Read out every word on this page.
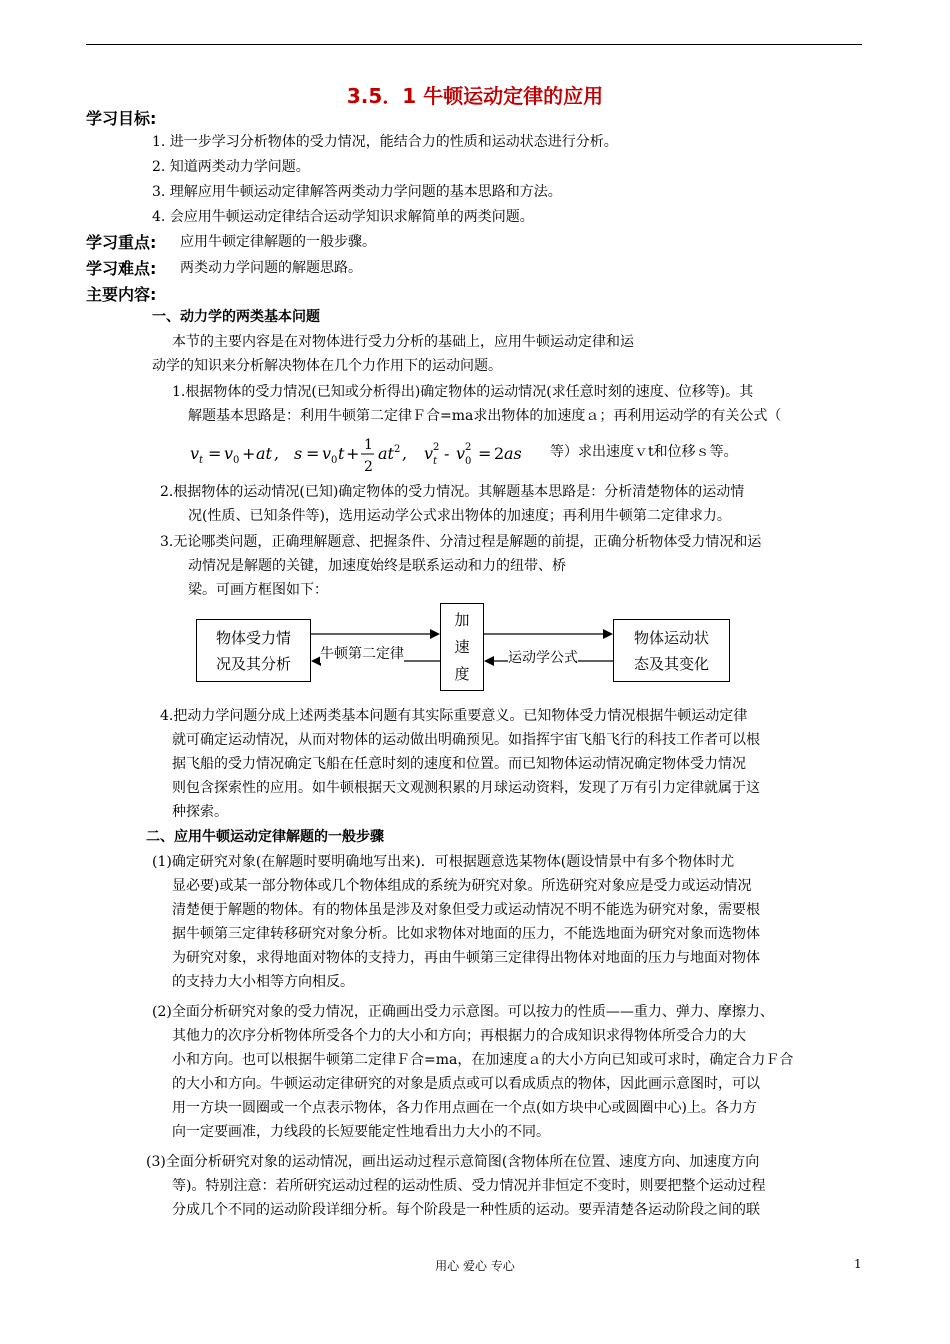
3.5．1 牛顿运动定律的应用
学习目标:
1. 进一步学习分析物体的受力情况，能结合力的性质和运动状态进行分析。
2. 知道两类动力学问题。
3. 理解应用牛顿运动定律解答两类动力学问题的基本思路和方法。
4. 会应用牛顿运动定律结合运动学知识求解简单的两类问题。
学习重点: 应用牛顿定律解题的一般步骤。
学习难点: 两类动力学问题的解题思路。
主要内容:
一、动力学的两类基本问题
本节的主要内容是在对物体进行受力分析的基础上，应用牛顿运动定律和运
动学的知识来分析解决物体在几个力作用下的运动问题。
1.根据物体的受力情况(已知或分析得出)确定物体的运动情况(求任意时刻的速度、位移等)。其
解题基本思路是：利用牛顿第二定律Ｆ合=ma求出物体的加速度ａ；再利用运动学的有关公式（
v t = v 0 + at , s = v 0 t + 1
2
at 2 , v 2
t - v 2
0 = 2 as 等）求出速度ｖt和位移ｓ等。
2.根据物体的运动情况(已知)确定物体的受力情况。其解题基本思路是：分析清楚物体的运动情
况(性质、已知条件等)，选用运动学公式求出物体的加速度；再利用牛顿第二定律求力。
3.无论哪类问题，正确理解题意、把握条件、分清过程是解题的前提，正确分析物体受力情况和运
动情况是解题的关键，加速度始终是联系运动和力的纽带、桥
梁。可画方框图如下：
物体受力情
况及其分析
加
速
度
物体运动状
态及其变化
牛顿第二定律	运动学公式
4.把动力学问题分成上述两类基本问题有其实际重要意义。已知物体受力情况根据牛顿运动定律
就可确定运动情况，从而对物体的运动做出明确预见。如指挥宇宙飞船飞行的科技工作者可以根
据飞船的受力情况确定飞船在任意时刻的速度和位置。而已知物体运动情况确定物体受力情况
则包含探索性的应用。如牛顿根据天文观测积累的月球运动资料，发现了万有引力定律就属于这
种探索。
二、应用牛顿运动定律解题的一般步骤
(1)确定研究对象(在解题时要明确地写出来)．可根据题意选某物体(题设情景中有多个物体时尤
显必要)或某一部分物体或几个物体组成的系统为研究对象。所选研究对象应是受力或运动情况
清楚便于解题的物体。有的物体虽是涉及对象但受力或运动情况不明不能选为研究对象，需要根
据牛顿第三定律转移研究对象分析。比如求物体对地面的压力，不能选地面为研究对象而选物体
为研究对象，求得地面对物体的支持力，再由牛顿第三定律得出物体对地面的压力与地面对物体
的支持力大小相等方向相反。
(2)全面分析研究对象的受力情况，正确画出受力示意图。可以按力的性质——重力、弹力、摩擦力、
其他力的次序分析物体所受各个力的大小和方向；再根据力的合成知识求得物体所受合力的大
小和方向。也可以根据牛顿第二定律Ｆ合=ma，在加速度ａ的大小方向已知或可求时，确定合力Ｆ合
的大小和方向。牛顿运动定律研究的对象是质点或可以看成质点的物体，因此画示意图时，可以
用一方块一圆圈或一个点表示物体，各力作用点画在一个点(如方块中心或圆圈中心)上。各力方
向一定要画准，力线段的长短要能定性地看出力大小的不同。
(3)全面分析研究对象的运动情况，画出运动过程示意简图(含物体所在位置、速度方向、加速度方向
等)。特别注意：若所研究运动过程的运动性质、受力情况并非恒定不变时，则要把整个运动过程
分成几个不同的运动阶段详细分析。每个阶段是一种性质的运动。要弄清楚各运动阶段之间的联
用心 爱心 专心	1
